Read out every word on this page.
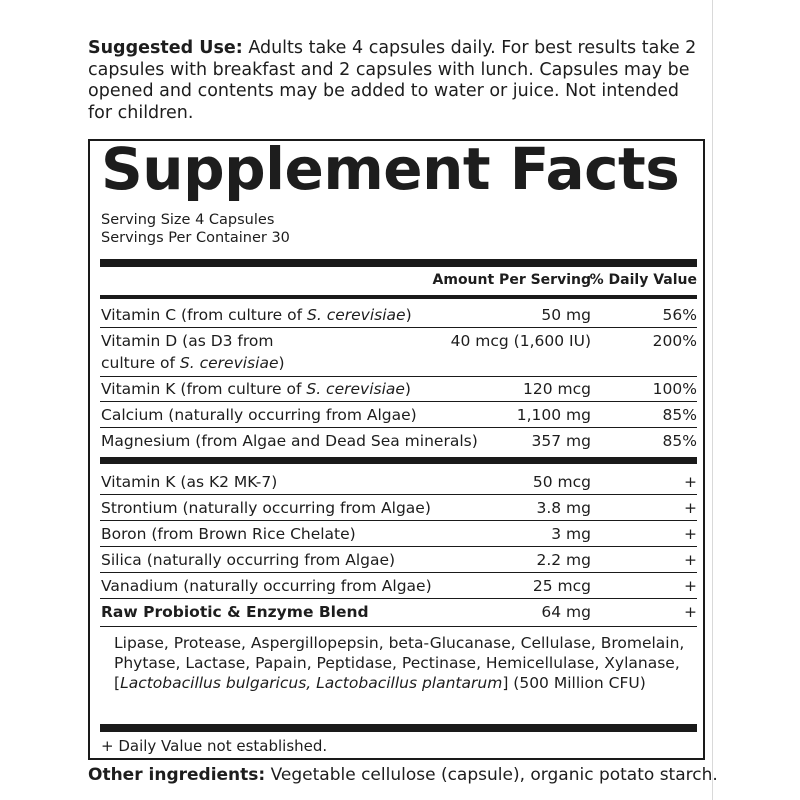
Suggested Use: Adults take 4 capsules daily. For best results take 2 capsules with breakfast and 2 capsules with lunch. Capsules may be opened and contents may be added to water or juice. Not intended for children.
Supplement Facts
Serving Size 4 Capsules
Servings Per Container 30
Amount Per Serving
% Daily Value
Vitamin C (from culture of S. cerevisiae)	50 mg	56%
Vitamin D (as D3 from
culture of S. cerevisiae)
40 mcg (1,600 IU)	200%
Vitamin K (from culture of S. cerevisiae)	120 mcg	100%
Calcium (naturally occurring from Algae)	1,100 mg	85%
Magnesium (from Algae and Dead Sea minerals)	357 mg	85%
Vitamin K (as K2 MK-7)	50 mcg	+
Strontium (naturally occurring from Algae)	3.8 mg	+
Boron (from Brown Rice Chelate)	3 mg	+
Silica (naturally occurring from Algae)	2.2 mg	+
Vanadium (naturally occurring from Algae)	25 mcg	+
Raw Probiotic & Enzyme Blend	64 mg	+
Lipase, Protease, Aspergillopepsin, beta-Glucanase, Cellulase, Bromelain, Phytase, Lactase, Papain, Peptidase, Pectinase, Hemicellulase, Xylanase, [Lactobacillus bulgaricus, Lactobacillus plantarum] (500 Million CFU)
+ Daily Value not established.
Other ingredients: Vegetable cellulose (capsule), organic potato starch.
